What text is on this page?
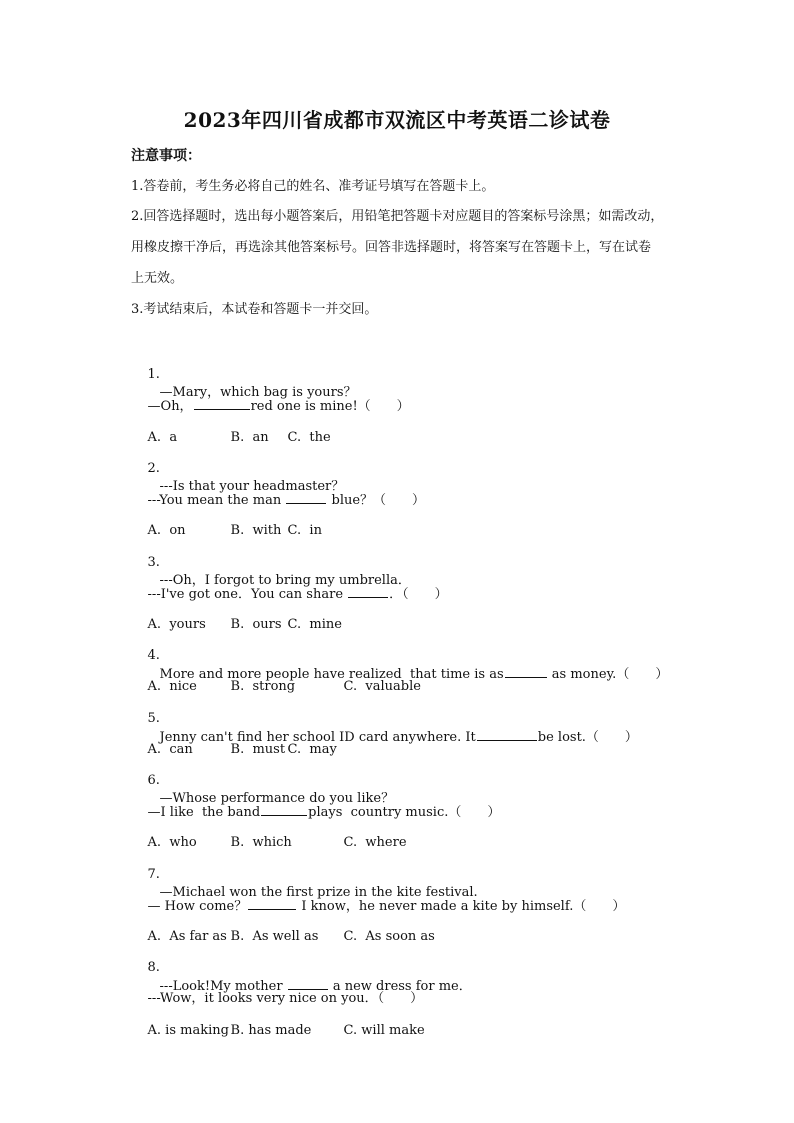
2023年四川省成都市双流区中考英语二诊试卷
注意事项：
1.答卷前，考生务必将自己的姓名、准考证号填写在答题卡上。
2.回答选择题时，选出每小题答案后，用铅笔把答题卡对应题目的答案标号涂黑；如需改动，
用橡皮擦干净后，再选涂其他答案标号。回答非选择题时，将答案写在答题卡上，写在试卷
上无效。
3.考试结束后，本试卷和答题卡一并交回。

1.
—Mary，which bag is yours？

—Oh，	red one is mine!（　　）

A.  a	B.  an C.  the

2.
---Is that your headmaster？

---You mean the man	blue？（　　）

A.  on	B.  with C.  in

3.
---Oh，I forgot to bring my umbrella．

---I've got one．You can share	．（　　）

A.  yours B.  ours C.  mine

4.
More and more people have realized  that time is as	as money.（　　）

A.  nice	B.  strong	C.  valuable

5.
Jenny can't find her school ID card anywhere. It	be lost.（　　）

A.  can	B.  must C.  may

6.
—Whose performance do you like？

—I like  the band	plays  country music.（　　）

A.  who	B.  which	C.  where

7.
—Michael won the first prize in the kite festival.

— How come？	I know，he never made a kite by himself.（　　）

A.  As far as B.  As well as C.  As soon as

8.
---Look!My mother	a new dress for me．

---Wow，it looks very nice on you．（　　）

A. is making B. has made C. will make
